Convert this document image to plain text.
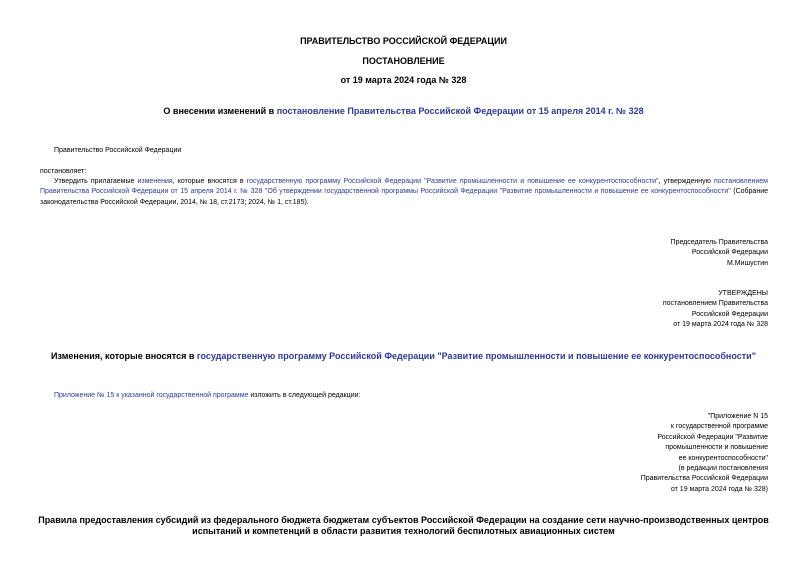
ПРАВИТЕЛЬСТВО РОССИЙСКОЙ ФЕДЕРАЦИИ
ПОСТАНОВЛЕНИЕ
от 19 марта 2024 года № 328
О внесении изменений в постановление Правительства Российской Федерации от 15 апреля 2014 г. № 328
Правительство Российской Федерации
постановляет:
Утвердить прилагаемые изменения, которые вносятся в государственную программу Российской Федерации "Развитие промышленности и повышение ее конкурентоспособности", утвержденную постановлением Правительства Российской Федерации от 15 апреля 2014 г. № 328 "Об утверждении государственной программы Российской Федерации "Развитие промышленности и повышение ее конкурентоспособности" (Собрание законодательства Российской Федерации, 2014, № 18, ст.2173; 2024, № 1, ст.185).
Председатель Правительства
Российской Федерации
М.Мишустин
УТВЕРЖДЕНЫ
постановлением Правительства
Российской Федерации
от 19 марта 2024 года № 328
Изменения, которые вносятся в государственную программу Российской Федерации "Развитие промышленности и повышение ее конкурентоспособности"
Приложение № 15 к указанной государственной программе изложить в следующей редакции:
"Приложение N 15
к государственной программе
Российской Федерации "Развитие
промышленности и повышение
ее конкурентоспособности"
(в редакции постановления
Правительства Российской Федерации
от 19 марта 2024 года № 328)
Правила предоставления субсидий из федерального бюджета бюджетам субъектов Российской Федерации на создание сети научно-производственных центров
испытаний и компетенций в области развития технологий беспилотных авиационных систем
